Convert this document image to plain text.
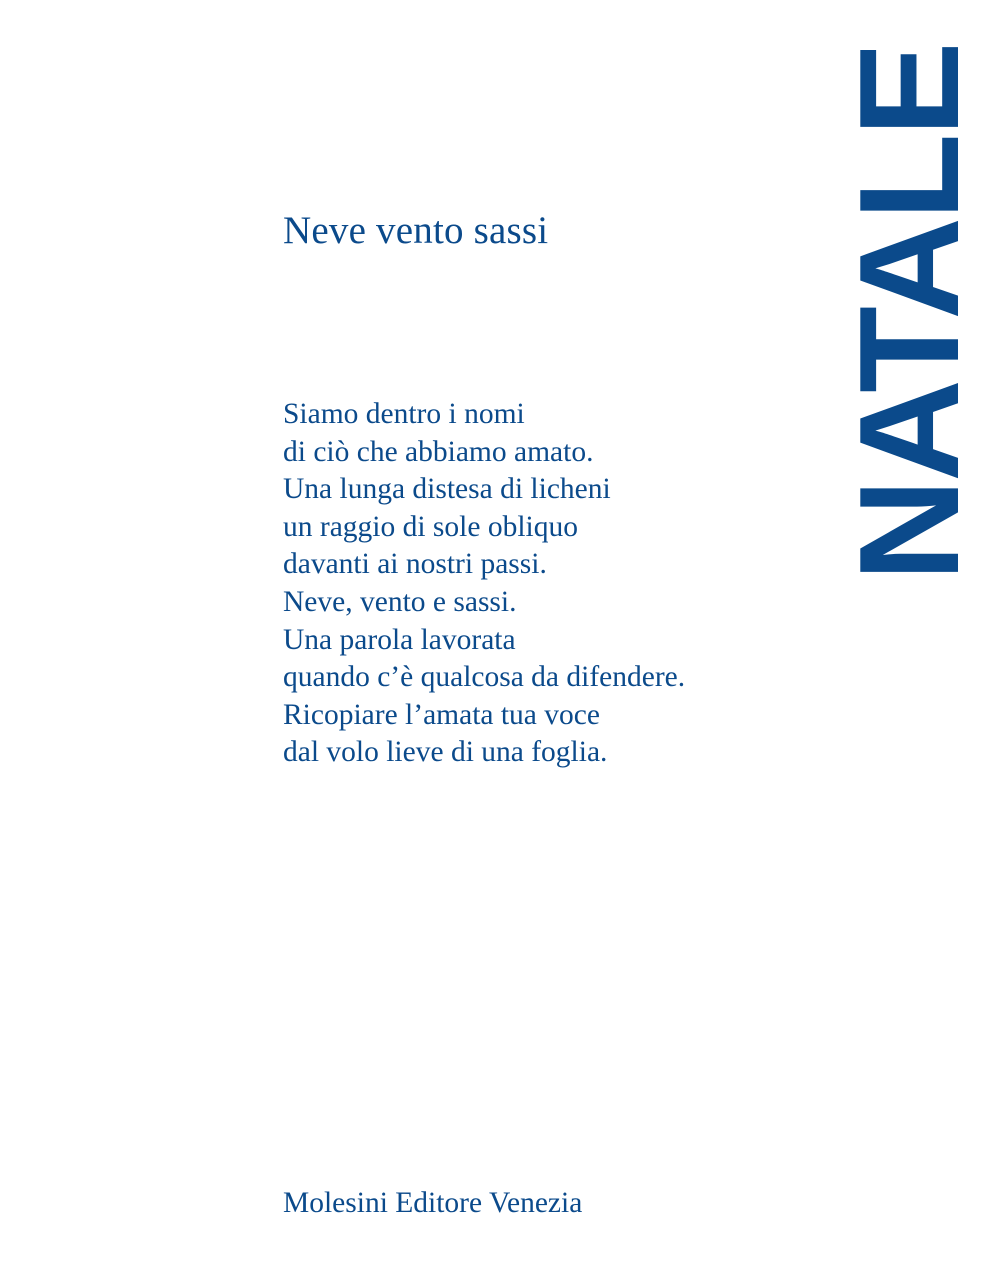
NATALE
Neve vento sassi
Siamo dentro i nomi
di ciò che abbiamo amato.
Una lunga distesa di licheni
un raggio di sole obliquo
davanti ai nostri passi.
Neve, vento e sassi.
Una parola lavorata
quando c’è qualcosa da difendere.
Ricopiare l’amata tua voce
dal volo lieve di una foglia.
Molesini Editore Venezia
